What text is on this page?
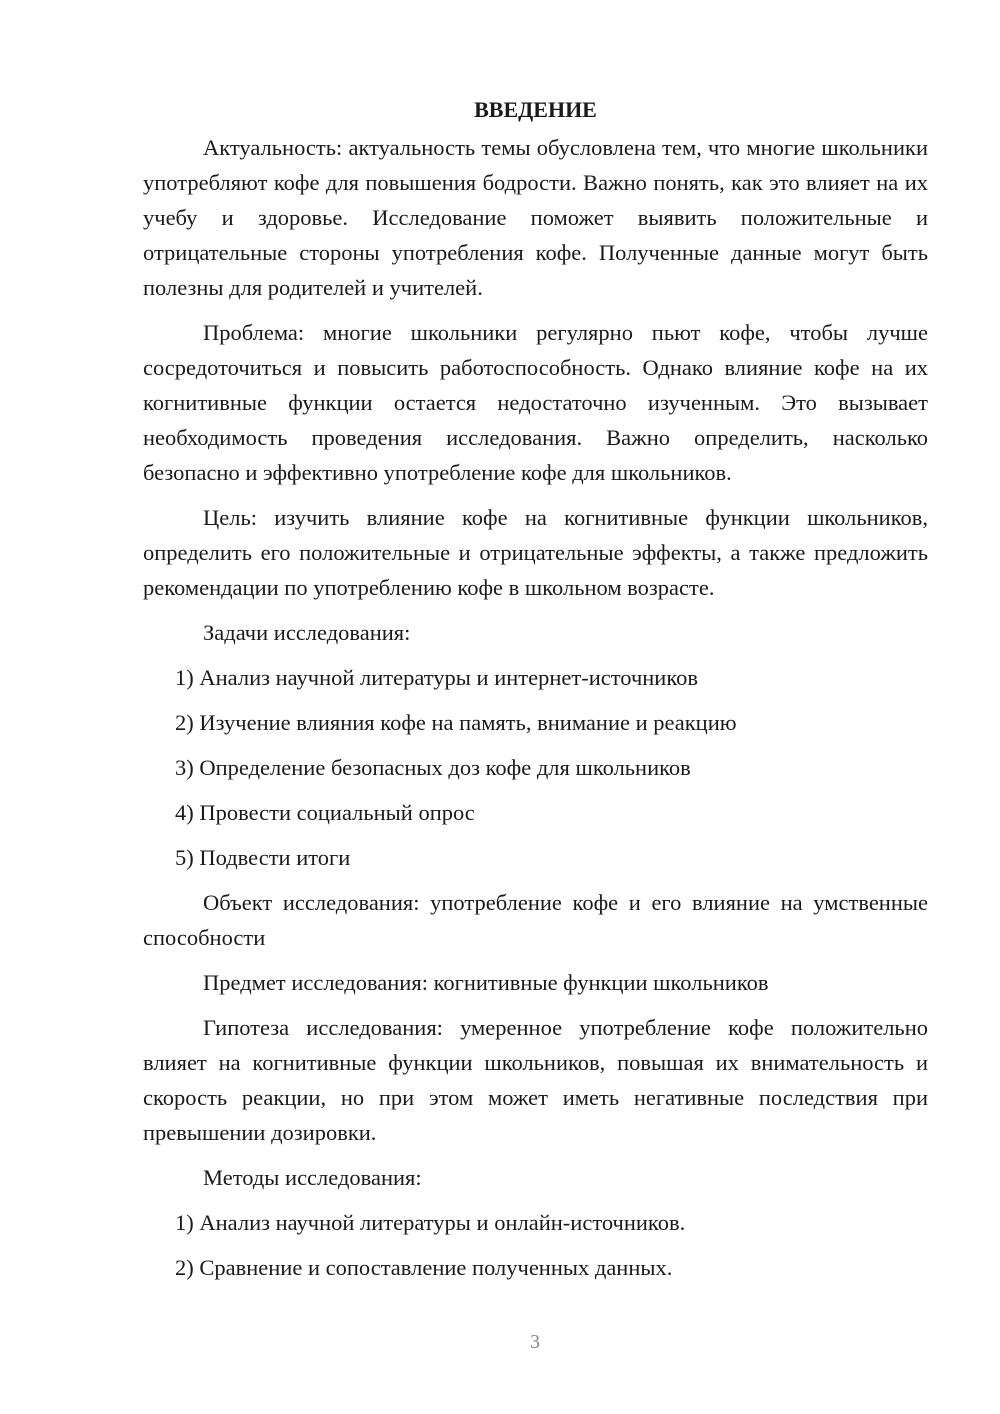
ВВЕДЕНИЕ

Актуальность: актуальность темы обусловлена тем, что многие школьники употребляют кофе для повышения бодрости. Важно понять, как это влияет на их учебу и здоровье. Исследование поможет выявить положительные и отрицательные стороны употребления кофе. Полученные данные могут быть полезны для родителей и учителей.

Проблема: многие школьники регулярно пьют кофе, чтобы лучше сосредоточиться и повысить работоспособность. Однако влияние кофе на их когнитивные функции остается недостаточно изученным. Это вызывает необходимость проведения исследования. Важно определить, насколько безопасно и эффективно употребление кофе для школьников.

Цель: изучить влияние кофе на когнитивные функции школьников, определить его положительные и отрицательные эффекты, а также предложить рекомендации по употреблению кофе в школьном возрасте.

Задачи исследования:

1) Анализ научной литературы и интернет-источников

2) Изучение влияния кофе на память, внимание и реакцию

3) Определение безопасных доз кофе для школьников

4) Провести социальный опрос

5) Подвести итоги

Объект исследования: употребление кофе и его влияние на умственные способности

Предмет исследования: когнитивные функции школьников

Гипотеза исследования: умеренное употребление кофе положительно влияет на когнитивные функции школьников, повышая их внимательность и скорость реакции, но при этом может иметь негативные последствия при превышении дозировки.

Методы исследования:

1) Анализ научной литературы и онлайн-источников.

2) Сравнение и сопоставление полученных данных.

3
